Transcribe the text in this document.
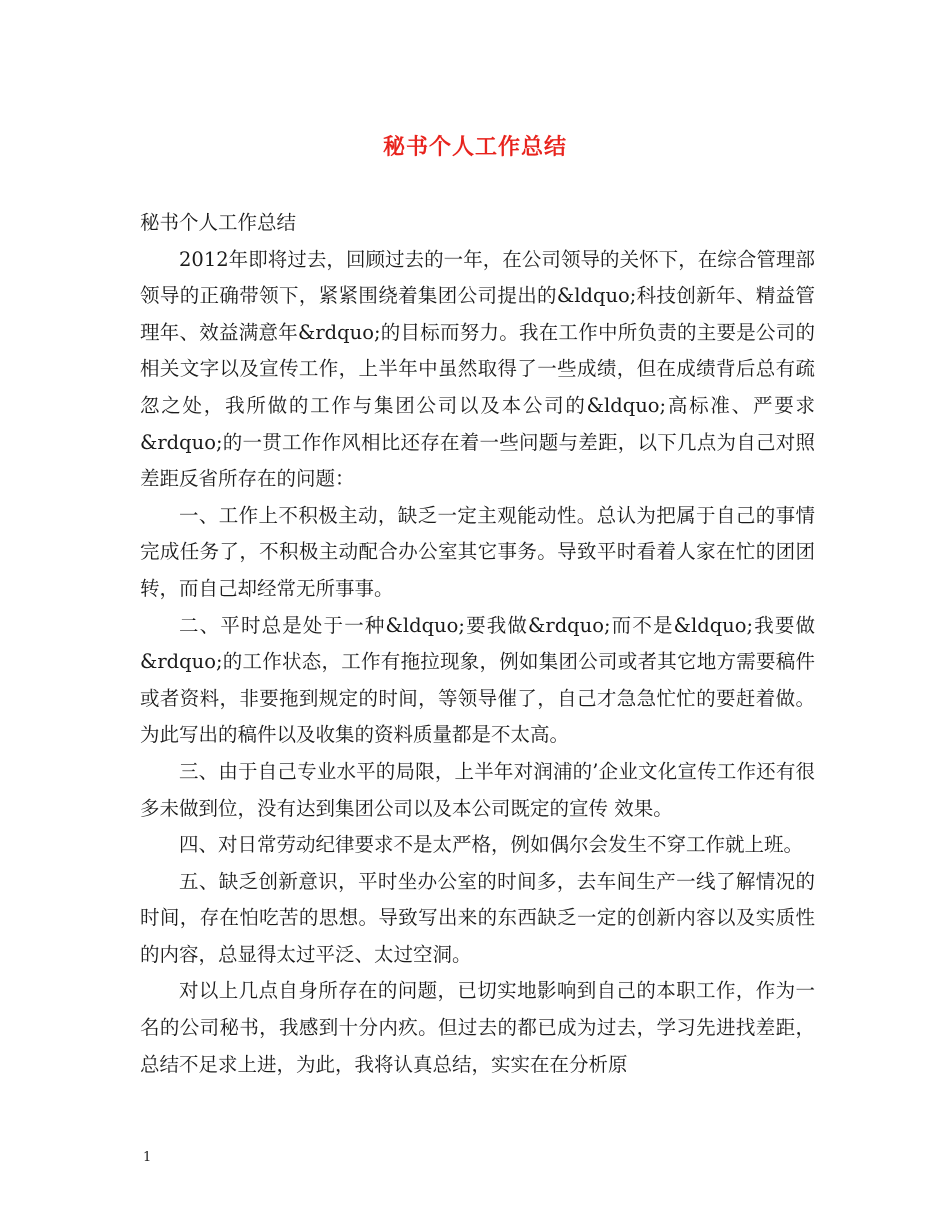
秘书个人工作总结

秘书个人工作总结

2012年即将过去，回顾过去的一年，在公司领导的关怀下，在综合管理部领导的正确带领下，紧紧围绕着集团公司提出的&ldquo;科技创新年、精益管理年、效益满意年&rdquo;的目标而努力。我在工作中所负责的主要是公司的相关文字以及宣传工作，上半年中虽然取得了一些成绩，但在成绩背后总有疏忽之处，我所做的工作与集团公司以及本公司的&ldquo;高标准、严要求&rdquo;的一贯工作作风相比还存在着一些问题与差距，以下几点为自己对照差距反省所存在的问题：

一、工作上不积极主动，缺乏一定主观能动性。总认为把属于自己的事情完成任务了，不积极主动配合办公室其它事务。导致平时看着人家在忙的团团转，而自己却经常无所事事。

二、平时总是处于一种&ldquo;要我做&rdquo;而不是&ldquo;我要做&rdquo;的工作状态，工作有拖拉现象，例如集团公司或者其它地方需要稿件或者资料，非要拖到规定的时间，等领导催了，自己才急急忙忙的要赶着做。为此写出的稿件以及收集的资料质量都是不太高。

三、由于自己专业水平的局限，上半年对润浦的’企业文化宣传工作还有很多未做到位，没有达到集团公司以及本公司既定的宣传 效果。

四、对日常劳动纪律要求不是太严格，例如偶尔会发生不穿工作就上班。

五、缺乏创新意识，平时坐办公室的时间多，去车间生产一线了解情况的时间，存在怕吃苦的思想。导致写出来的东西缺乏一定的创新内容以及实质性的内容，总显得太过平泛、太过空洞。

对以上几点自身所存在的问题，已切实地影响到自己的本职工作，作为一名的公司秘书，我感到十分内疚。但过去的都已成为过去，学习先进找差距，总结不足求上进，为此，我将认真总结，实实在在分析原

1
